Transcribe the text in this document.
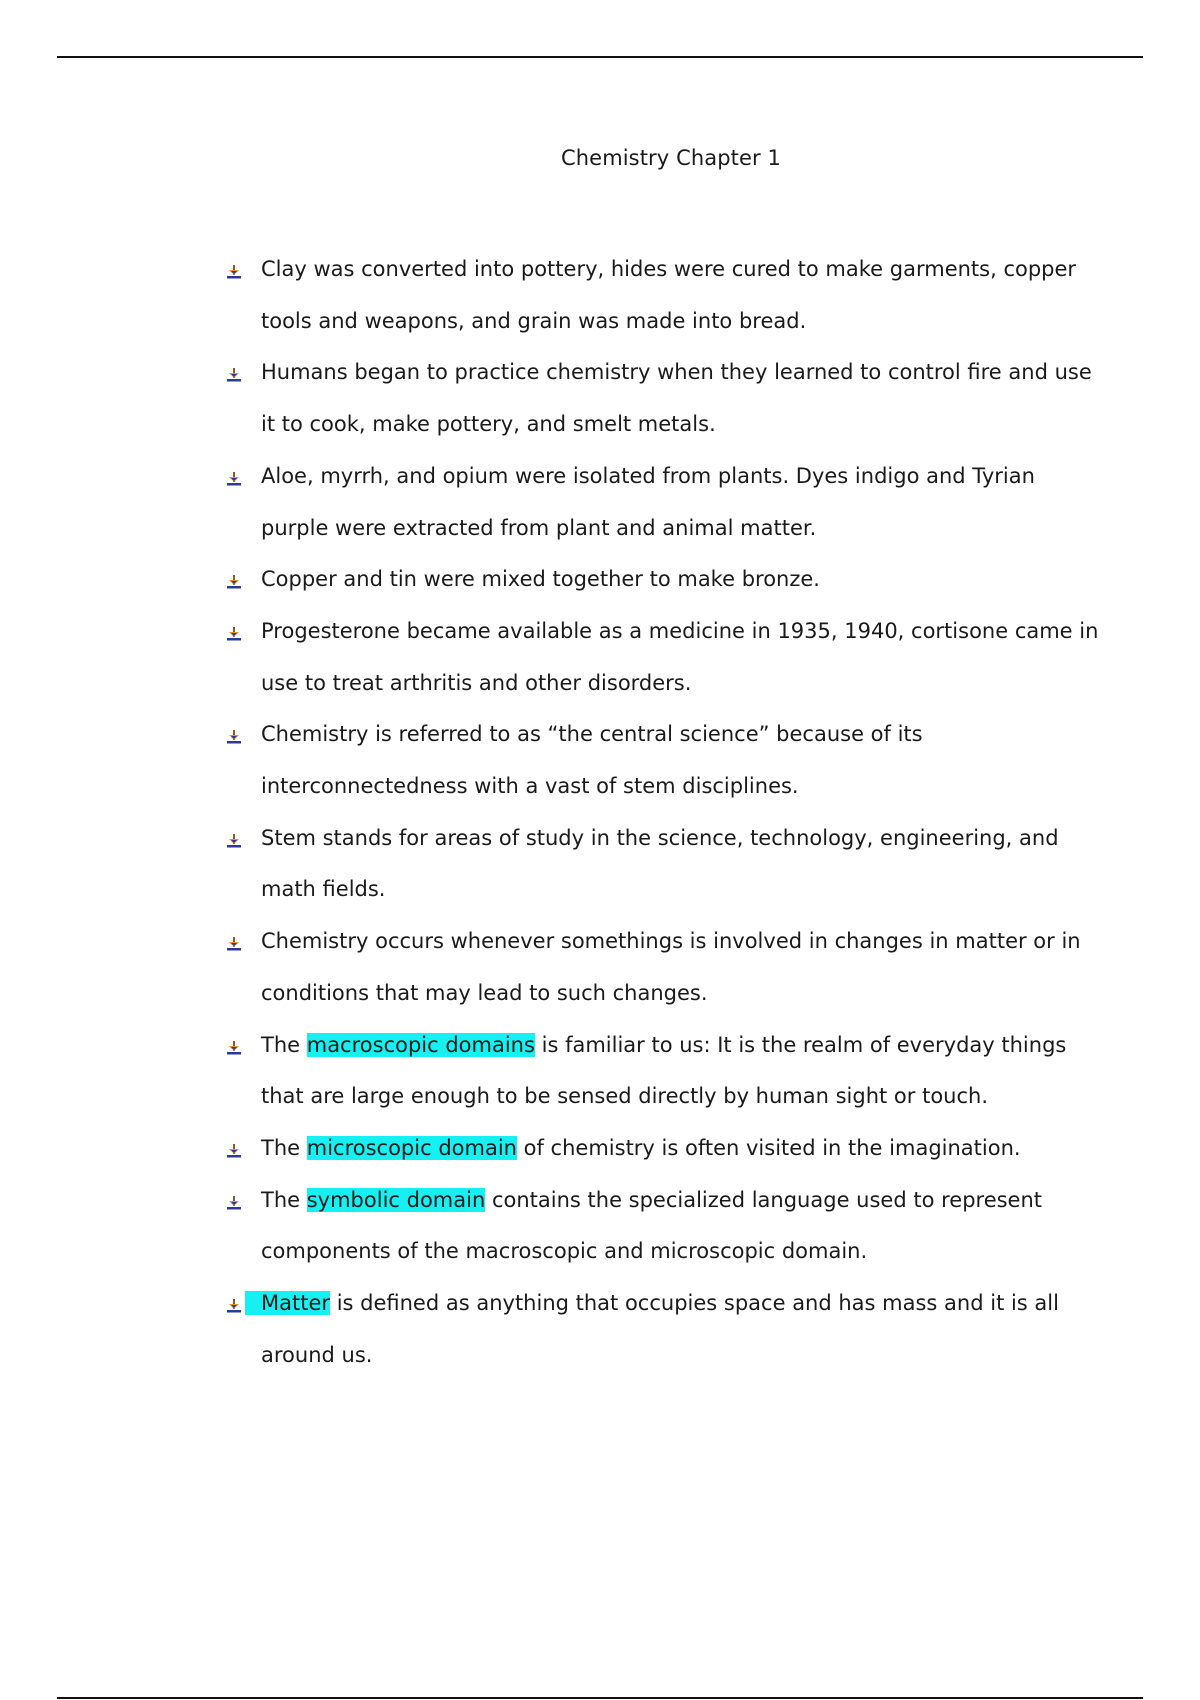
Chemistry Chapter 1
Clay was converted into pottery, hides were cured to make garments, copper tools and weapons, and grain was made into bread.
Humans began to practice chemistry when they learned to control fire and use it to cook, make pottery, and smelt metals.
Aloe, myrrh, and opium were isolated from plants. Dyes indigo and Tyrian purple were extracted from plant and animal matter.
Copper and tin were mixed together to make bronze.
Progesterone became available as a medicine in 1935, 1940, cortisone came in use to treat arthritis and other disorders.
Chemistry is referred to as “the central science” because of its interconnectedness with a vast of stem disciplines.
Stem stands for areas of study in the science, technology, engineering, and math fields.
Chemistry occurs whenever somethings is involved in changes in matter or in conditions that may lead to such changes.
The macroscopic domains is familiar to us: It is the realm of everyday things that are large enough to be sensed directly by human sight or touch.
The microscopic domain of chemistry is often visited in the imagination.
The symbolic domain contains the specialized language used to represent components of the macroscopic and microscopic domain.
Matter is defined as anything that occupies space and has mass and it is all around us.
